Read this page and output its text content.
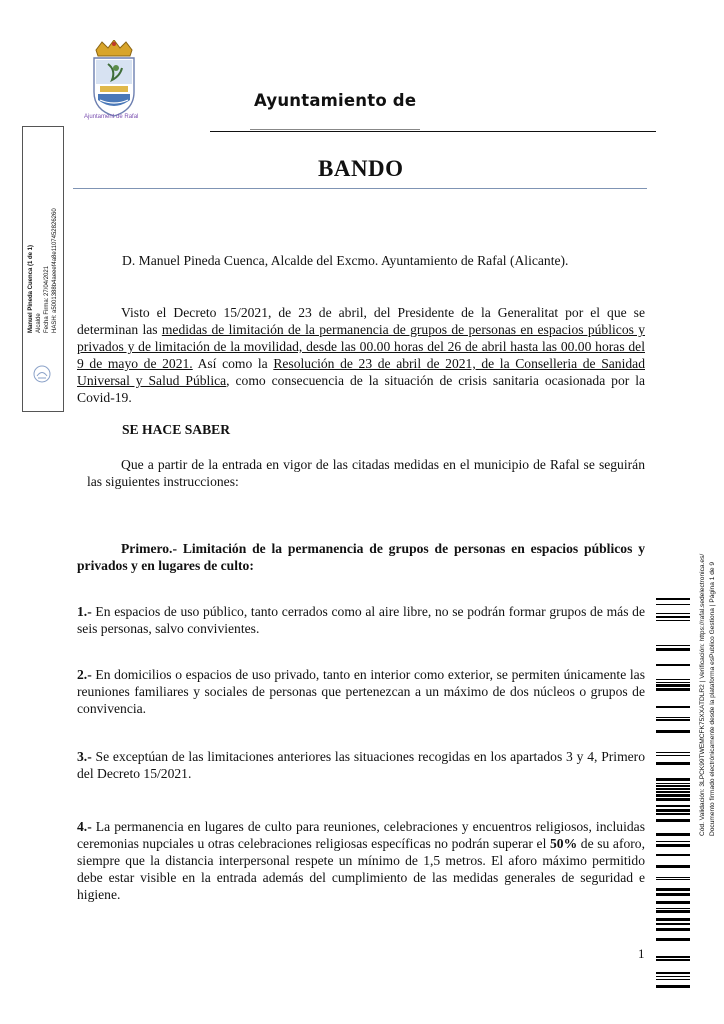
Ajuntament de Rafal
Ayuntamiento de
BANDO
Manuel Pineda Cuenca (1 de 1) Alcalde Fecha Firma: 27/04/2021 HASH: a5001388b4aeeef4a8e1107452826260	D. Manuel Pineda Cuenca, Alcalde del Excmo. Ayuntamiento de Rafal (Alicante).
Visto el Decreto 15/2021, de 23 de abril, del Presidente de la Generalitat por el que se determinan las medidas de limitación de la permanencia de grupos de personas en espacios públicos y privados y de limitación de la movilidad, desde las 00.00 horas del 26 de abril hasta las 00.00 horas del 9 de mayo de 2021. Así como la Resolución de 23 de abril de 2021, de la Conselleria de Sanidad Universal y Salud Pública, como consecuencia de la situación de crisis sanitaria ocasionada por la Covid-19.
SE HACE SABER
Que a partir de la entrada en vigor de las citadas medidas en el municipio de Rafal se seguirán las siguientes instrucciones:
Primero.- Limitación de la permanencia de grupos de personas en espacios públicos y privados y en lugares de culto:
1.- En espacios de uso público, tanto cerrados como al aire libre, no se podrán formar grupos de más de seis personas, salvo convivientes.
2.- En domicilios o espacios de uso privado, tanto en interior como exterior, se permiten únicamente las reuniones familiares y sociales de personas que pertenezcan a un máximo de dos núcleos o grupos de convivencia.
3.- Se exceptúan de las limitaciones anteriores las situaciones recogidas en los apartados 3 y 4, Primero del Decreto 15/2021.
4.- La permanencia en lugares de culto para reuniones, celebraciones y encuentros religiosos, incluidas ceremonias nupciales u otras celebraciones religiosas específicas no podrán superar el 50% de su aforo, siempre que la distancia interpersonal respete un mínimo de 1,5 metros. El aforo máximo permitido debe estar visible en la entrada además del cumplimiento de las medidas generales de seguridad e higiene.
1
Cód. Validación: 3LPCK99TWEMCFK75XXATDLR2 | Verificación: https://rafal.sedelectronica.es/ Documento firmado electrónicamente desde la plataforma esPublico Gestiona | Página 1 de 9
